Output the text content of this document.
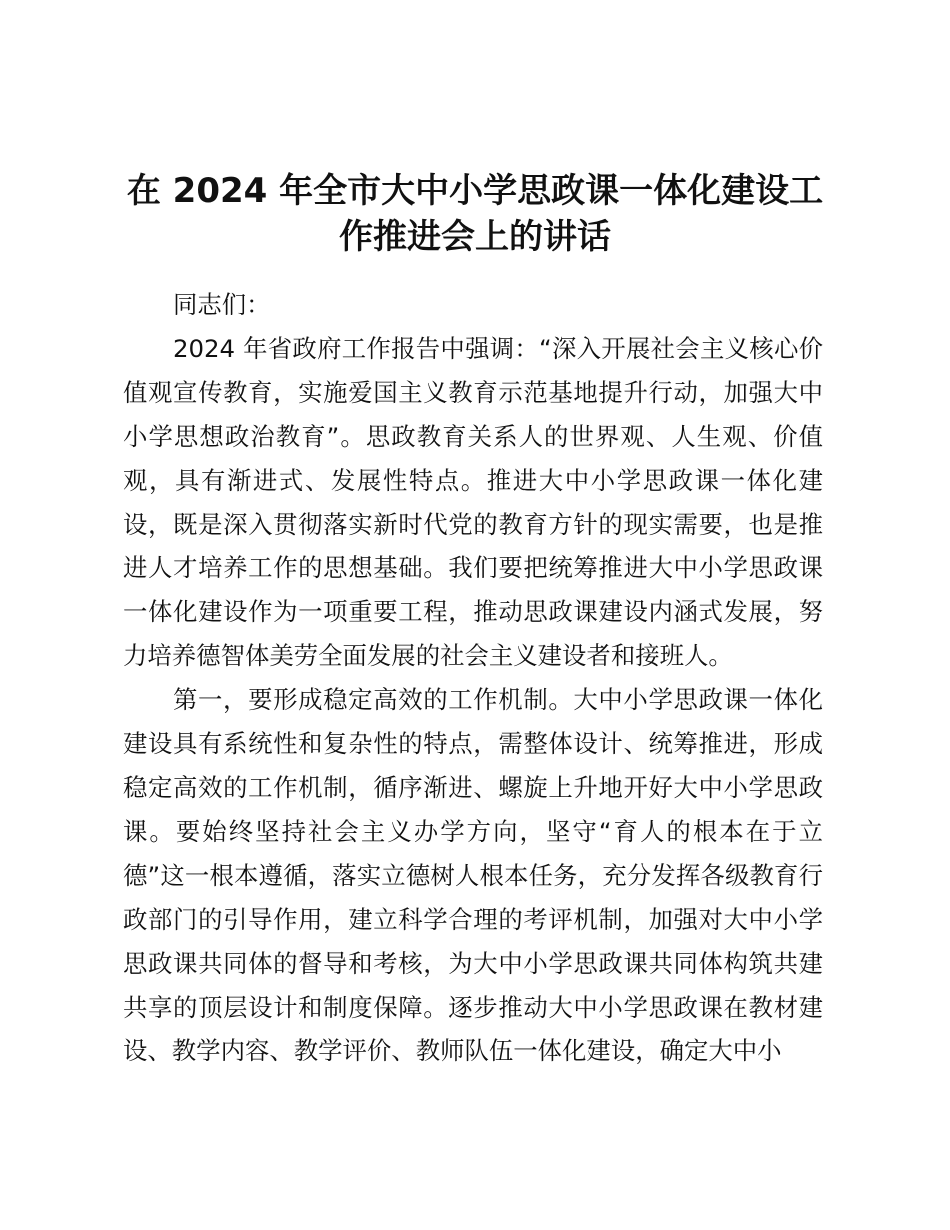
在 2024 年全市大中小学思政课一体化建设工作推进会上的讲话

同志们：

2024 年省政府工作报告中强调：“深入开展社会主义核心价值观宣传教育，实施爱国主义教育示范基地提升行动，加强大中小学思想政治教育”。思政教育关系人的世界观、人生观、价值观，具有渐进式、发展性特点。推进大中小学思政课一体化建设，既是深入贯彻落实新时代党的教育方针的现实需要，也是推进人才培养工作的思想基础。我们要把统筹推进大中小学思政课一体化建设作为一项重要工程，推动思政课建设内涵式发展，努力培养德智体美劳全面发展的社会主义建设者和接班人。

第一，要形成稳定高效的工作机制。大中小学思政课一体化建设具有系统性和复杂性的特点，需整体设计、统筹推进，形成稳定高效的工作机制，循序渐进、螺旋上升地开好大中小学思政课。要始终坚持社会主义办学方向，坚守“育人的根本在于立德”这一根本遵循，落实立德树人根本任务，充分发挥各级教育行政部门的引导作用，建立科学合理的考评机制，加强对大中小学思政课共同体的督导和考核，为大中小学思政课共同体构筑共建共享的顶层设计和制度保障。逐步推动大中小学思政课在教材建设、教学内容、教学评价、教师队伍一体化建设，确定大中小
